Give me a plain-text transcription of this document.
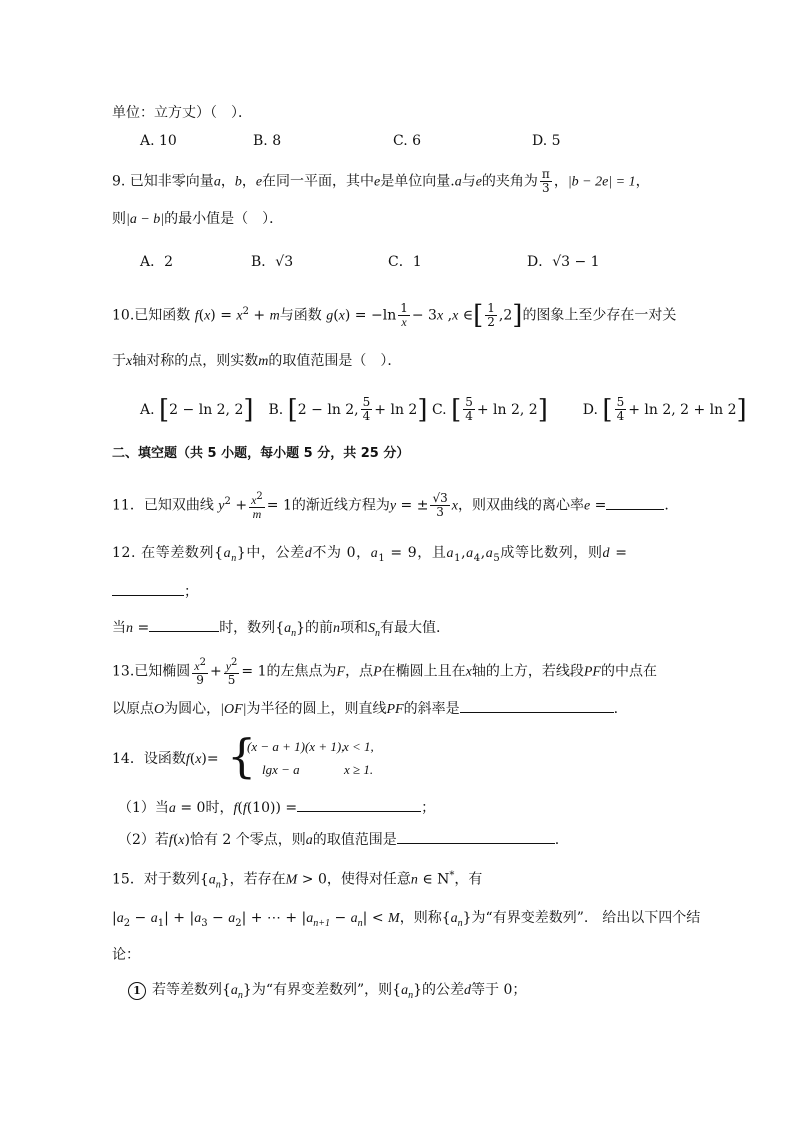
单位：立方丈）（　）．
A. 10	B. 8	C. 6	D. 5
9. 已知非零向量a，b，e在同一平面，其中e是单位向量.a与e的夹角为 $\frac{\pi}{3}$ ，|b − 2e| = 1，
则|a − b|的最小值是（　）．
A．2	B．√3	C．1	D．√3 − 1
10.已知函数 $f(x) = x^2 + m$与函数 $g(x) = -\ln \frac{1}{x} - 3x$ ,x ∈[ $\frac{1}{2} ,2$]的图象上至少存在一对关
于x轴对称的点，则实数m的取值范围是（　）．
A. [2 − ln 2, 2] B. [2 − ln 2, $\frac{5}{4} + \ln 2$] C. [ $\frac{5}{4} + \ln 2$, 2] D. [ $\frac{5}{4} + \ln 2$, 2 + ln 2]
二、填空题（共 5 小题，每小题 5 分，共 25 分）
11．已知双曲线 $y^2 + \frac{x^2}{m} = 1$的渐近线方程为y = ± $\frac{√3}{3}$ x，则双曲线的离心率e =	.
12. 在等差数列$\{a_n\}$中，公差d不为 0，$a_1 = 9$，且$a_1,a_4,a_5$成等比数列，则d =
；
当n =	时，数列$\{a_n\}$的前n项和$S_n$有最大值.
13.已知椭圆 $\frac{x^2}{9} + \frac{y^2}{5} = 1$的左焦点为F，点P在椭圆上且在x轴的上方，若线段PF的中点在
以原点O为圆心，|OF|为半径的圆上，则直线PF的斜率是	.
14．设函数f(x)= {
(x − a + 1)(x + 1),
x < 1,
lgx − a	x ≥ 1.
（1）当a = 0时，f(f(10)) =	；
（2）若f(x)恰有 2 个零点，则a的取值范围是	.
15．对于数列$\{a_n\}$，若存在M > 0，使得对任意n ∈ N*，有
$|a_2 - a_1| + |a_3 - a_2|$ + ⋯ + $|a_{n+1} - a_n| < M$，则称$\{a_n\}$为“有界变差数列”.　给出以下四个结
论：
1 若等差数列$\{a_n\}$为“有界变差数列”，则$\{a_n\}$的公差d等于 0；
